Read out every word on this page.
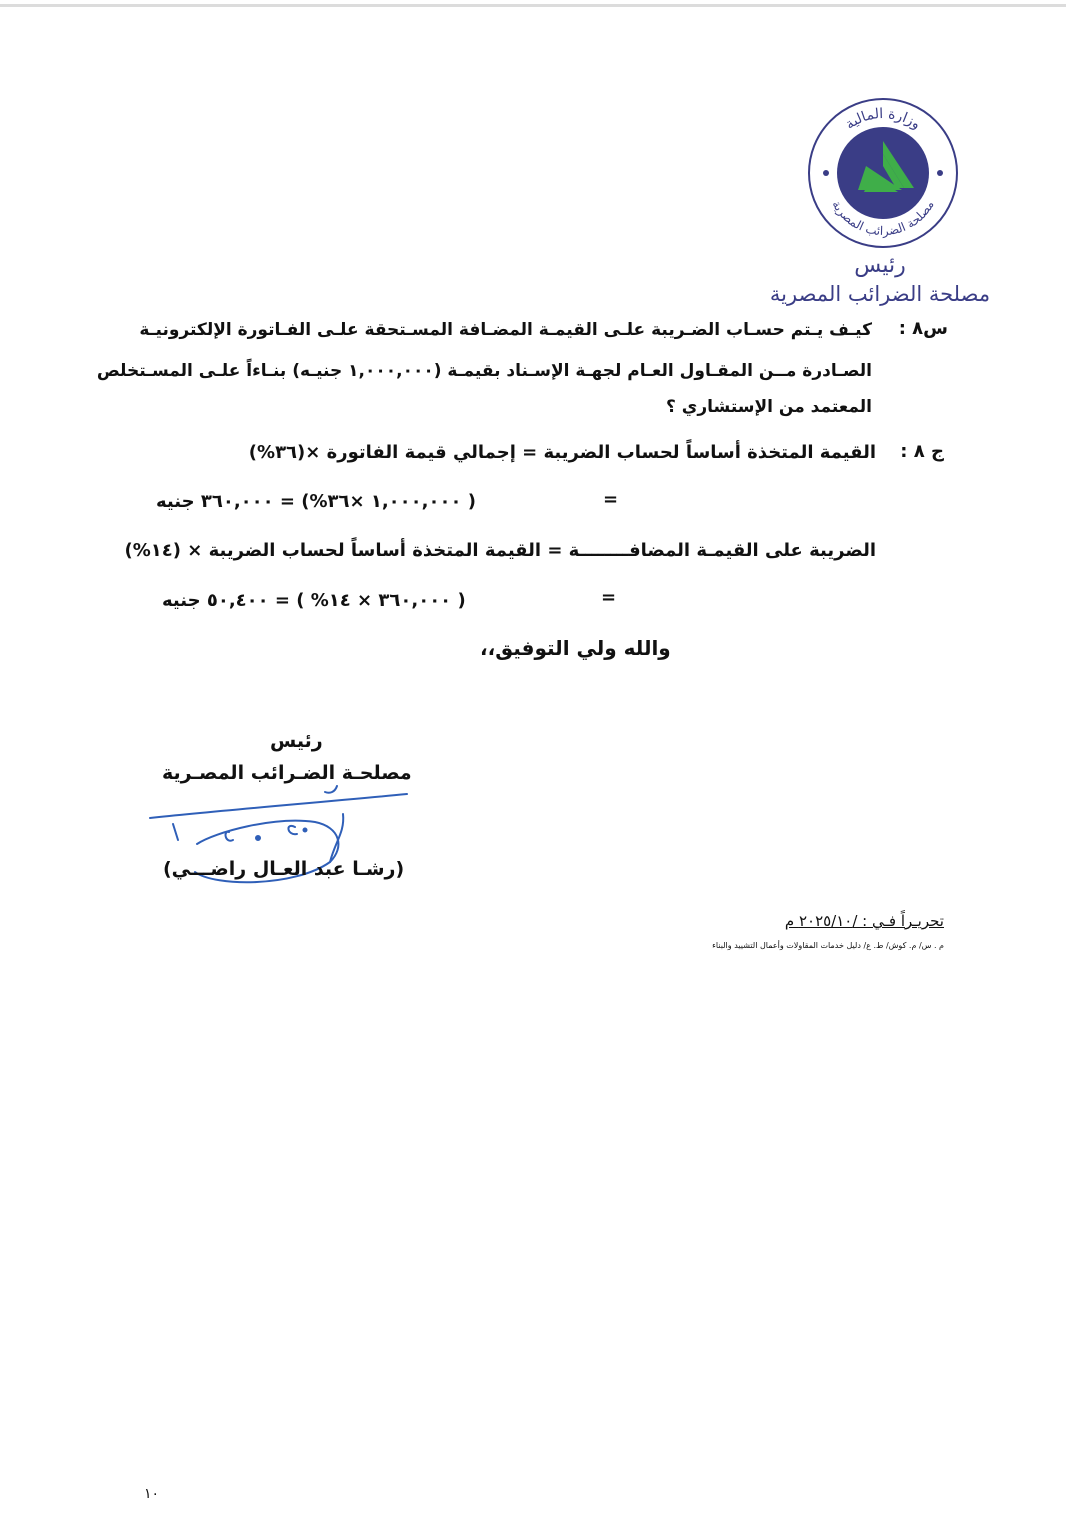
وزارة المالية
مصلحة الضرائب المصرية
رئيس
مصلحة الضرائب المصرية
س٨ :
كيـف يـتم حسـاب الضـريبة علـى القيمـة المضـافة المسـتحقة علـى الفـاتورة الإلكترونيـة
الصـادرة مــن المقـاول العـام لجهـة الإسـناد بقيمـة (١,٠٠٠,٠٠٠ جنيـه) بنـاءاً علـى المسـتخلص
المعتمد من الإستشاري ؟
ج ٨ :
القيمة المتخذة أساساً لحساب الضريبة = إجمالي قيمة الفاتورة ×(٣٦%)
=
( ١,٠٠٠,٠٠٠ ×٣٦%) = ٣٦٠,٠٠٠ جنيه
الضريبة على القيمـة المضافــــــــة = القيمة المتخذة أساساً لحساب الضريبة × (١٤%)
=
( ٣٦٠,٠٠٠ × ١٤% ) = ٥٠,٤٠٠ جنيه
والله ولي التوفيق،،
رئيس
مصلحـة الضـرائب المصـرية
(رشـا عبد العـال راضـــي)
تحريـراً فـي : /٢٠٢٥/١٠ م
م . س/ م. كوش/ ط. ع/ دليل خدمات المقاولات وأعمال التشييد والبناء
١٠
